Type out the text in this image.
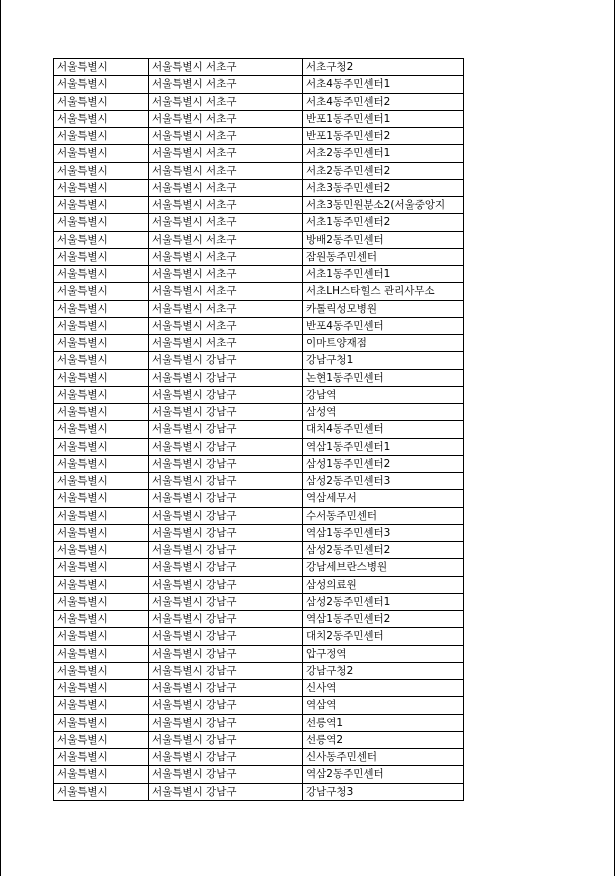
서울특별시	서울특별시 서초구	서초구청2
서울특별시	서울특별시 서초구	서초4동주민센터1
서울특별시	서울특별시 서초구	서초4동주민센터2
서울특별시	서울특별시 서초구	반포1동주민센터1
서울특별시	서울특별시 서초구	반포1동주민센터2
서울특별시	서울특별시 서초구	서초2동주민센터1
서울특별시	서울특별시 서초구	서초2동주민센터2
서울특별시	서울특별시 서초구	서초3동주민센터2
서울특별시	서울특별시 서초구	서초3동민원분소2(서울중앙지
서울특별시	서울특별시 서초구	서초1동주민센터2
서울특별시	서울특별시 서초구	방배2동주민센터
서울특별시	서울특별시 서초구	잠원동주민센터
서울특별시	서울특별시 서초구	서초1동주민센터1
서울특별시	서울특별시 서초구	서초LH스타힐스 관리사무소
서울특별시	서울특별시 서초구	카톨릭성모병원
서울특별시	서울특별시 서초구	반포4동주민센터
서울특별시	서울특별시 서초구	이마트양재점
서울특별시	서울특별시 강남구	강남구청1
서울특별시	서울특별시 강남구	논현1동주민센터
서울특별시	서울특별시 강남구	강남역
서울특별시	서울특별시 강남구	삼성역
서울특별시	서울특별시 강남구	대치4동주민센터
서울특별시	서울특별시 강남구	역삼1동주민센터1
서울특별시	서울특별시 강남구	삼성1동주민센터2
서울특별시	서울특별시 강남구	삼성2동주민센터3
서울특별시	서울특별시 강남구	역삼세무서
서울특별시	서울특별시 강남구	수서동주민센터
서울특별시	서울특별시 강남구	역삼1동주민센터3
서울특별시	서울특별시 강남구	삼성2동주민센터2
서울특별시	서울특별시 강남구	강남세브란스병원
서울특별시	서울특별시 강남구	삼성의료원
서울특별시	서울특별시 강남구	삼성2동주민센터1
서울특별시	서울특별시 강남구	역삼1동주민센터2
서울특별시	서울특별시 강남구	대치2동주민센터
서울특별시	서울특별시 강남구	압구정역
서울특별시	서울특별시 강남구	강남구청2
서울특별시	서울특별시 강남구	신사역
서울특별시	서울특별시 강남구	역삼역
서울특별시	서울특별시 강남구	선릉역1
서울특별시	서울특별시 강남구	선릉역2
서울특별시	서울특별시 강남구	신사동주민센터
서울특별시	서울특별시 강남구	역삼2동주민센터
서울특별시	서울특별시 강남구	강남구청3
